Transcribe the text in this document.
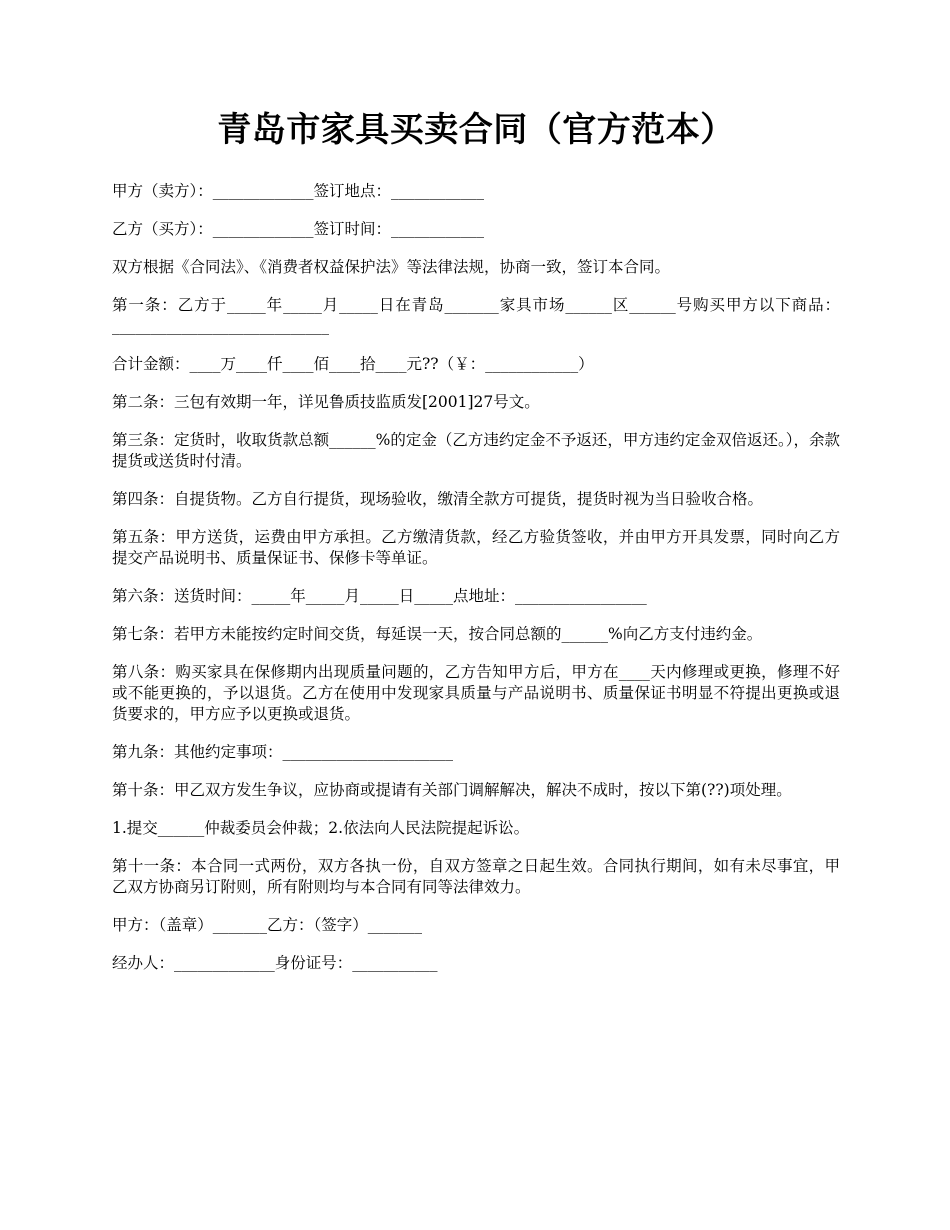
青岛市家具买卖合同（官方范本）

甲方（卖方）：_____________签订地点：____________

乙方（买方）：_____________签订时间：____________

双方根据《合同法》、《消费者权益保护法》等法律法规，协商一致，签订本合同。

第一条：乙方于_____年_____月_____日在青岛_______家具市场______区______号购买甲方以下商品：____________________________

合计金额：____万____仟____佰____拾____元??（￥：____________）

第二条：三包有效期一年，详见鲁质技监质发[2001]27号文。

第三条：定货时，收取货款总额______%的定金（乙方违约定金不予返还，甲方违约定金双倍返还。），余款提货或送货时付清。

第四条：自提货物。乙方自行提货，现场验收，缴清全款方可提货，提货时视为当日验收合格。

第五条：甲方送货，运费由甲方承担。乙方缴清货款，经乙方验货签收，并由甲方开具发票，同时向乙方提交产品说明书、质量保证书、保修卡等单证。

第六条：送货时间：_____年_____月_____日_____点地址：_________________

第七条：若甲方未能按约定时间交货，每延误一天，按合同总额的______%向乙方支付违约金。

第八条：购买家具在保修期内出现质量问题的，乙方告知甲方后，甲方在____天内修理或更换，修理不好或不能更换的，予以退货。乙方在使用中发现家具质量与产品说明书、质量保证书明显不符提出更换或退货要求的，甲方应予以更换或退货。

第九条：其他约定事项：______________________

第十条：甲乙双方发生争议，应协商或提请有关部门调解解决，解决不成时，按以下第(??)项处理。

1.提交______仲裁委员会仲裁；2.依法向人民法院提起诉讼。

第十一条：本合同一式两份，双方各执一份，自双方签章之日起生效。合同执行期间，如有未尽事宜，甲乙双方协商另订附则，所有附则均与本合同有同等法律效力。

甲方：（盖章）_______乙方：（签字）_______

经办人：_____________身份证号：___________
